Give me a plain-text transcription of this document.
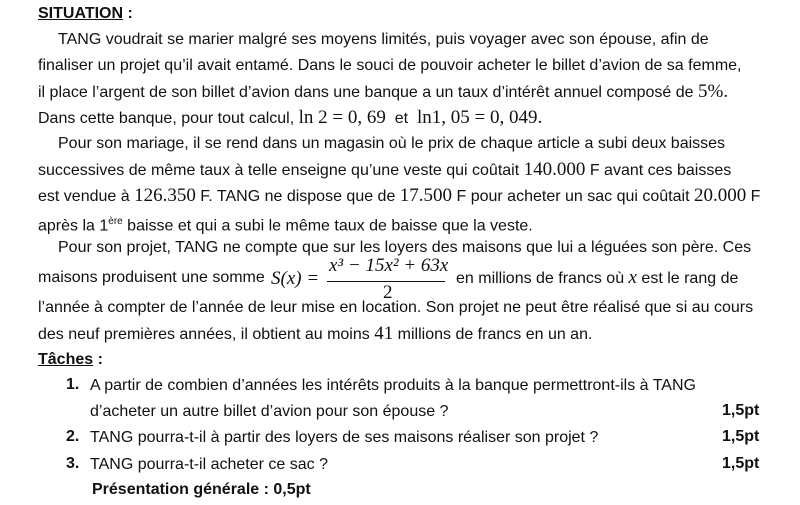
SITUATION :
TANG voudrait se marier malgré ses moyens limités, puis voyager avec son épouse, afin de
finaliser un projet qu’il avait entamé. Dans le souci de pouvoir acheter le billet d’avion de sa femme,
il place l’argent de son billet d’avion dans une banque a un taux d’intérêt annuel composé de 5%.
Dans cette banque, pour tout calcul, ln 2 = 0, 69  et  ln1, 05 = 0, 049.
Pour son mariage, il se rend dans un magasin où le prix de chaque article a subi deux baisses
successives de même taux à telle enseigne qu’une veste qui coûtait 140.000 F avant ces baisses
est vendue à 126.350 F. TANG ne dispose que de 17.500 F pour acheter un sac qui coûtait 20.000 F
après la 1ère baisse et qui a subi le même taux de baisse que la veste.
Pour son projet, TANG ne compte que sur les loyers des maisons que lui a léguées son père. Ces
maisons produisent une somme S(x) =
x³ − 15x² + 63x
2
en millions de francs où x est le rang de
l’année à compter de l’année de leur mise en location. Son projet ne peut être réalisé que si au cours
des neuf premières années, il obtient au moins 41 millions de francs en un an.
Tâches :
1. A partir de combien d’années les intérêts produits à la banque permettront-ils à TANG
d’acheter un autre billet d’avion pour son épouse ?	1,5pt
2. TANG pourra-t-il à partir des loyers de ses maisons réaliser son projet ?	1,5pt
3. TANG pourra-t-il acheter ce sac ?	1,5pt
Présentation générale : 0,5pt
